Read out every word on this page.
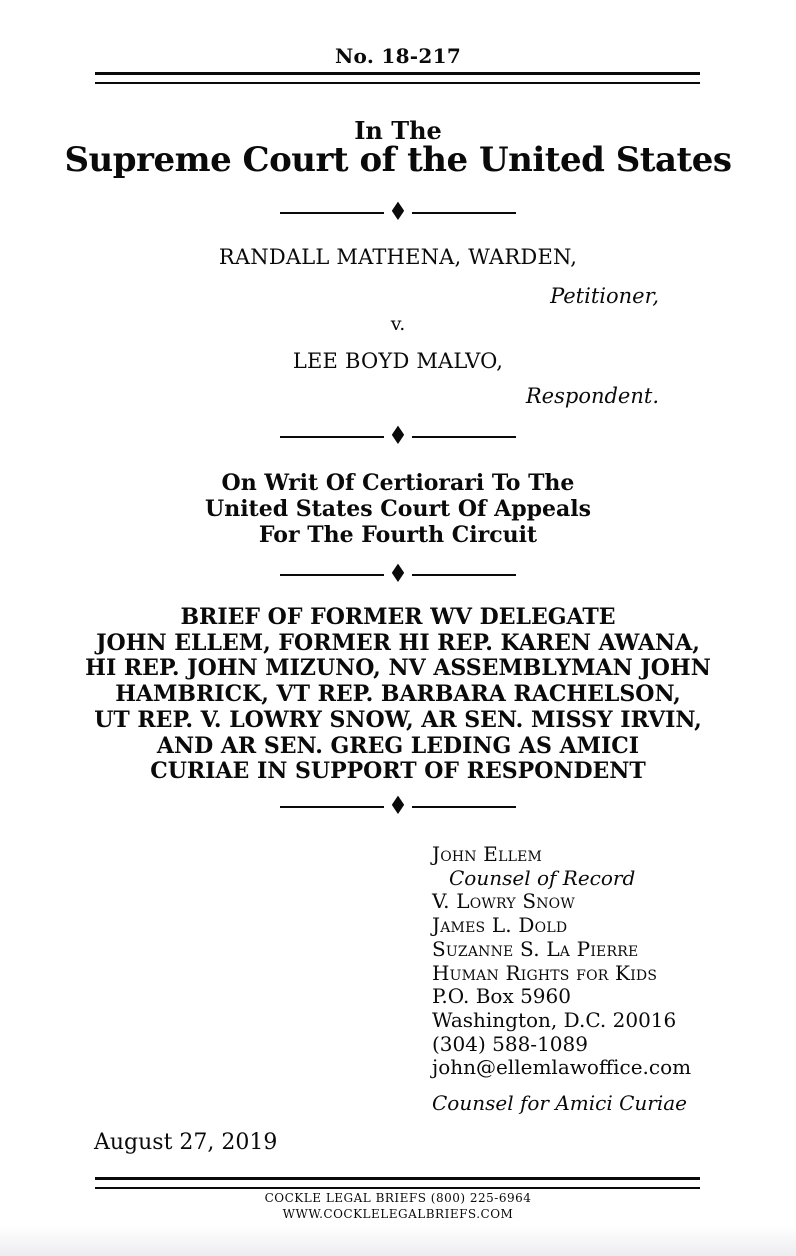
No. 18-217
In The
Supreme Court of the United States
♦
RANDALL MATHENA, WARDEN,
Petitioner,
v.
LEE BOYD MALVO,
Respondent.
♦
On Writ Of Certiorari To The
United States Court Of Appeals
For The Fourth Circuit
♦
BRIEF OF FORMER WV DELEGATE
JOHN ELLEM, FORMER HI REP. KAREN AWANA,
HI REP. JOHN MIZUNO, NV ASSEMBLYMAN JOHN
HAMBRICK, VT REP. BARBARA RACHELSON,
UT REP. V. LOWRY SNOW, AR SEN. MISSY IRVIN,
AND AR SEN. GREG LEDING AS AMICI
CURIAE IN SUPPORT OF RESPONDENT
♦
John Ellem
Counsel of Record
V. Lowry Snow
James L. Dold
Suzanne S. La Pierre
Human Rights for Kids
P.O. Box 5960
Washington, D.C. 20016
(304) 588-1089
john@ellemlawoffice.com
Counsel for Amici Curiae
August 27, 2019
COCKLE LEGAL BRIEFS (800) 225-6964
WWW.COCKLELEGALBRIEFS.COM
